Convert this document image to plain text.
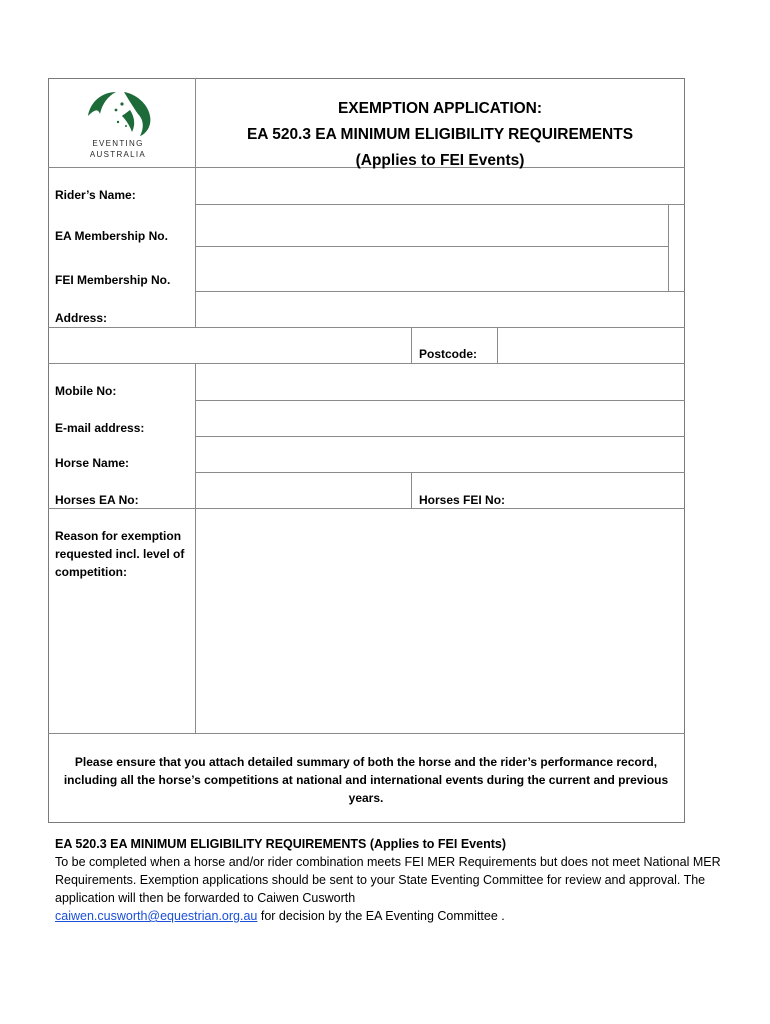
EVENTING AUSTRALIA
EXEMPTION APPLICATION:
EA 520.3 EA MINIMUM ELIGIBILITY REQUIREMENTS
(Applies to FEI Events)
Rider’s Name:
EA Membership No.
FEI Membership No.
Address:
Postcode:
Mobile No:
E-mail address:
Horse Name:
Horses EA No:	Horses FEI No:
Reason for exemption requested incl. level of competition:
Please ensure that you attach detailed summary of both the horse and the rider’s performance record, including all the horse’s competitions at national and international events during the current and previous years.
EA 520.3 EA MINIMUM ELIGIBILITY REQUIREMENTS (Applies to FEI Events)
To be completed when a horse and/or rider combination meets FEI MER Requirements but does not meet National MER Requirements. Exemption applications should be sent to your State Eventing Committee for review and approval. The application will then be forwarded to Caiwen Cusworth
caiwen.cusworth@equestrian.org.au for decision by the EA Eventing Committee .
